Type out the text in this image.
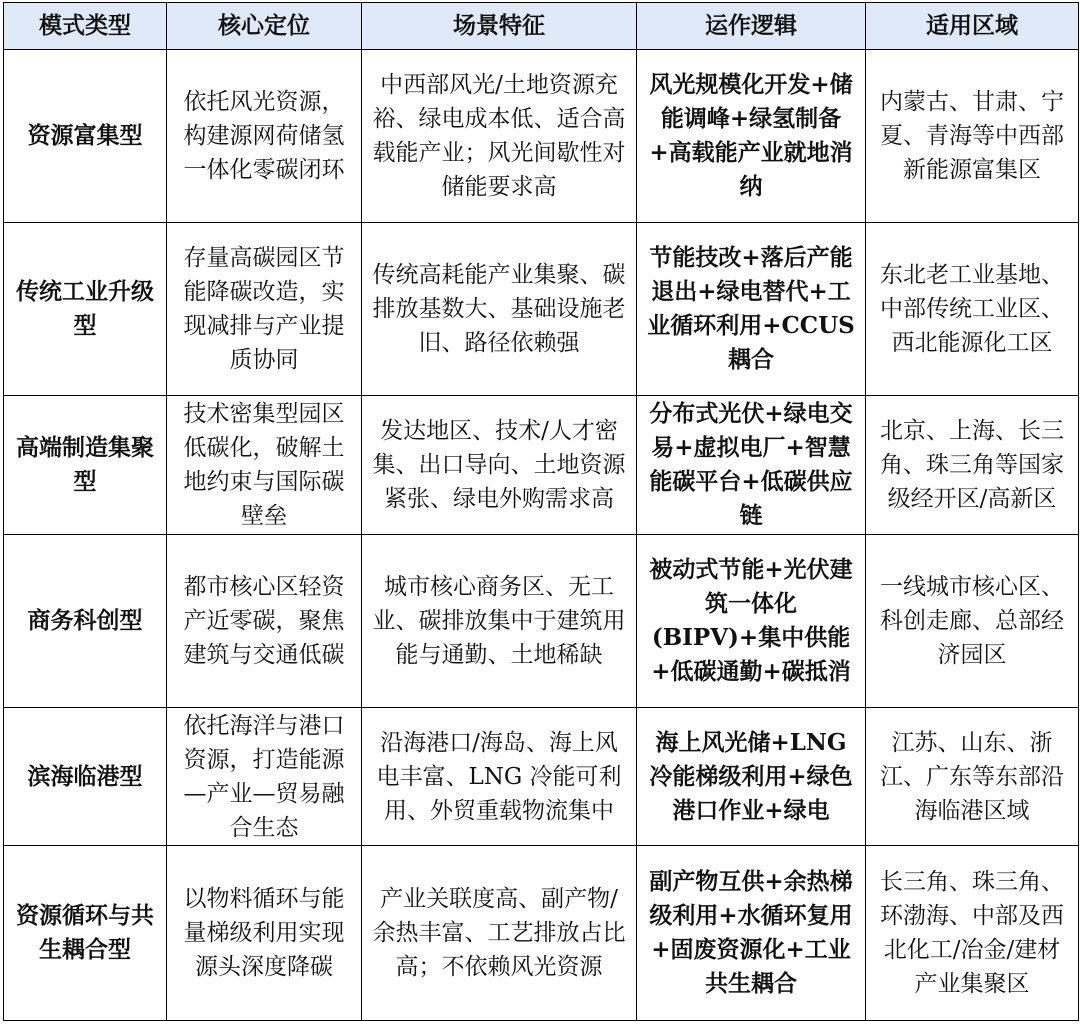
模式类型	核心定位	场景特征	运作逻辑	适用区域
资源富集型	依托风光资源，构建源网荷储氢一体化零碳闭环	中西部风光/土地资源充裕、绿电成本低、适合高载能产业；风光间歇性对储能要求高	风光规模化开发+储能调峰+绿氢制备+高载能产业就地消纳	内蒙古、甘肃、宁夏、青海等中西部新能源富集区
传统工业升级型	存量高碳园区节能降碳改造，实现减排与产业提质协同	传统高耗能产业集聚、碳排放基数大、基础设施老旧、路径依赖强	节能技改+落后产能退出+绿电替代+工业循环利用+CCUS 耦合	东北老工业基地、中部传统工业区、西北能源化工区
高端制造集聚型	技术密集型园区低碳化，破解土地约束与国际碳壁垒	发达地区、技术/人才密集、出口导向、土地资源紧张、绿电外购需求高	分布式光伏+绿电交易+虚拟电厂+智慧能碳平台+低碳供应链	北京、上海、长三角、珠三角等国家级经开区/高新区
商务科创型	都市核心区轻资产近零碳，聚焦建筑与交通低碳	城市核心商务区、无工业、碳排放集中于建筑用能与通勤、土地稀缺	被动式节能+光伏建筑一体化(BIPV)+集中供能+低碳通勤+碳抵消	一线城市核心区、科创走廊、总部经济园区
滨海临港型	依托海洋与港口资源，打造能源—产业—贸易融合生态	沿海港口/海岛、海上风电丰富、LNG 冷能可利用、外贸重载物流集中	海上风光储+LNG 冷能梯级利用+绿色港口作业+绿电	江苏、山东、浙江、广东等东部沿海临港区域
资源循环与共生耦合型	以物料循环与能量梯级利用实现源头深度降碳	产业关联度高、副产物/余热丰富、工艺排放占比高；不依赖风光资源	副产物互供+余热梯级利用+水循环复用+固废资源化+工业共生耦合	长三角、珠三角、环渤海、中部及西北化工/冶金/建材产业集聚区
